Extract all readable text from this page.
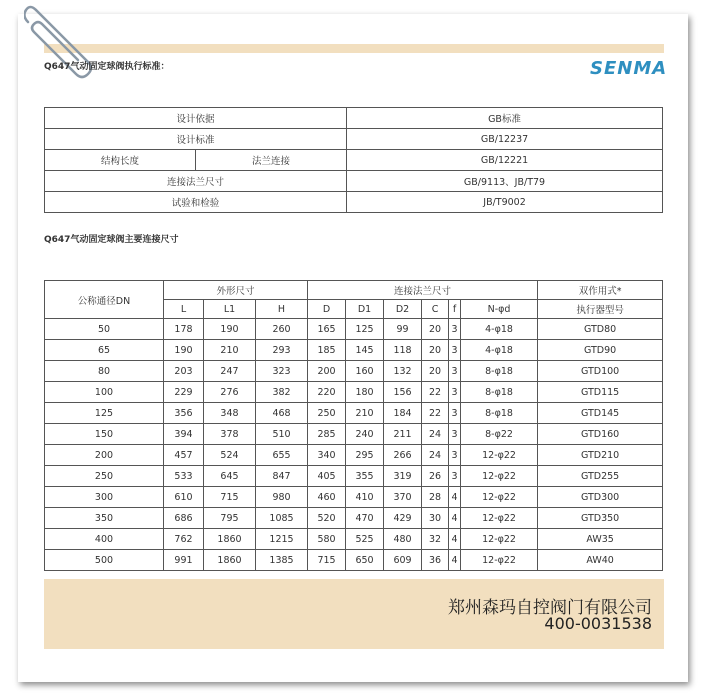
Q647气动固定球阀执行标准：	SENMA
设计依据		GB标准
设计标准		GB/12237
结构长度	法兰连接	GB/12221
连接法兰尺寸		GB/9113、JB/T79
试验和检验		JB/T9002
Q647气动固定球阀主要连接尺寸
公称通径DN	外形尺寸			连接法兰尺寸						双作用式*
	L	L1	H	D	D1	D2	C	f	N-φd	执行器型号
50	178	190	260	165	125	99	20	3	4-φ18	GTD80
65	190	210	293	185	145	118	20	3	4-φ18	GTD90
80	203	247	323	200	160	132	20	3	8-φ18	GTD100
100	229	276	382	220	180	156	22	3	8-φ18	GTD115
125	356	348	468	250	210	184	22	3	8-φ18	GTD145
150	394	378	510	285	240	211	24	3	8-φ22	GTD160
200	457	524	655	340	295	266	24	3	12-φ22	GTD210
250	533	645	847	405	355	319	26	3	12-φ22	GTD255
300	610	715	980	460	410	370	28	4	12-φ22	GTD300
350	686	795	1085	520	470	429	30	4	12-φ22	GTD350
400	762	1860	1215	580	525	480	32	4	12-φ22	AW35
500	991	1860	1385	715	650	609	36	4	12-φ22	AW40
郑州森玛自控阀门有限公司
400-0031538
